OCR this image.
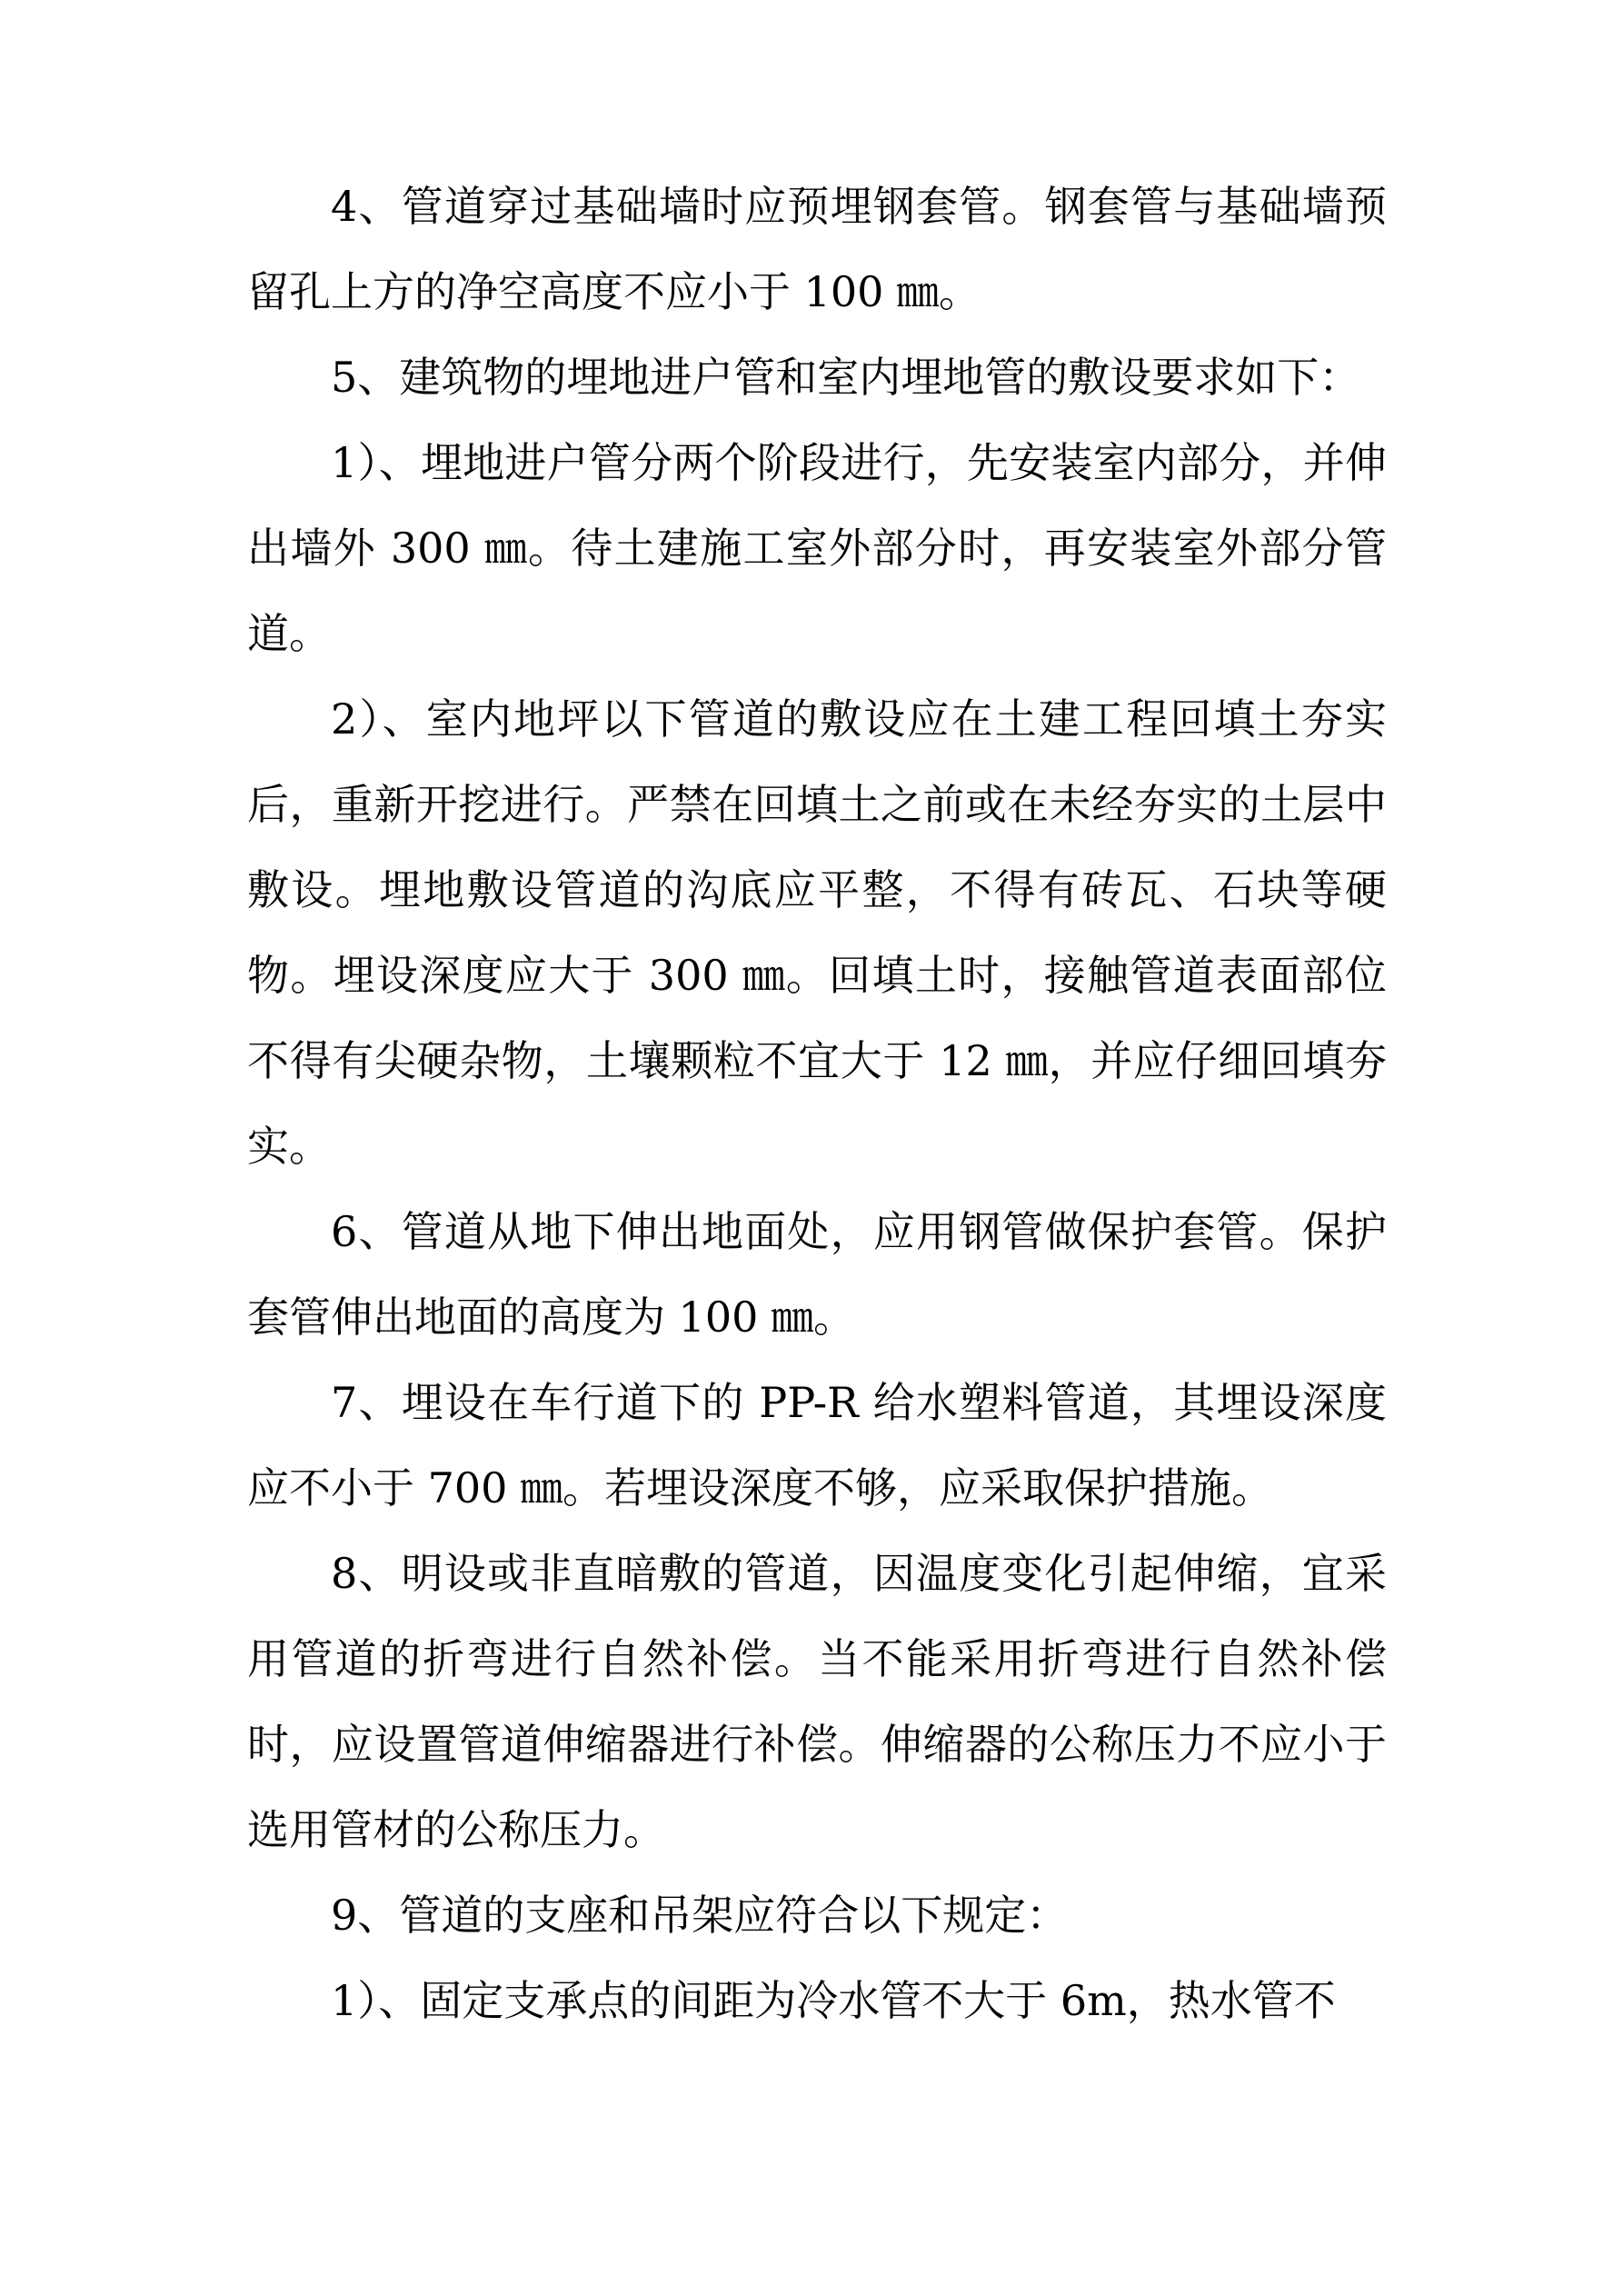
4、管道穿过基础墙时应预埋钢套管。钢套管与基础墙预留孔上方的净空高度不应小于 100 ㎜。

5、建筑物的埋地进户管和室内埋地管的敷设要求如下：

1）、埋地进户管分两个阶段进行，先安装室内部分，并伸出墙外 300 ㎜。待土建施工室外部分时，再安装室外部分管道。

2）、室内地坪以下管道的敷设应在土建工程回填土夯实后，重新开挖进行。严禁在回填土之前或在未经夯实的土层中敷设。埋地敷设管道的沟底应平整，不得有砖瓦、石块等硬物。埋设深度应大于 300 ㎜。回填土时，接触管道表面部位不得有尖硬杂物，土壤颗粒不宜大于 12 ㎜，并应仔细回填夯实。

6、管道从地下伸出地面处，应用钢管做保护套管。保护套管伸出地面的高度为 100 ㎜。

7、埋设在车行道下的 PP-R 给水塑料管道，其埋设深度应不小于 700 ㎜。若埋设深度不够，应采取保护措施。

8、明设或非直暗敷的管道，因温度变化引起伸缩，宜采用管道的折弯进行自然补偿。当不能采用折弯进行自然补偿时，应设置管道伸缩器进行补偿。伸缩器的公称压力不应小于选用管材的公称压力。

9、管道的支座和吊架应符合以下规定：

1）、固定支承点的间距为冷水管不大于 6m，热水管不
